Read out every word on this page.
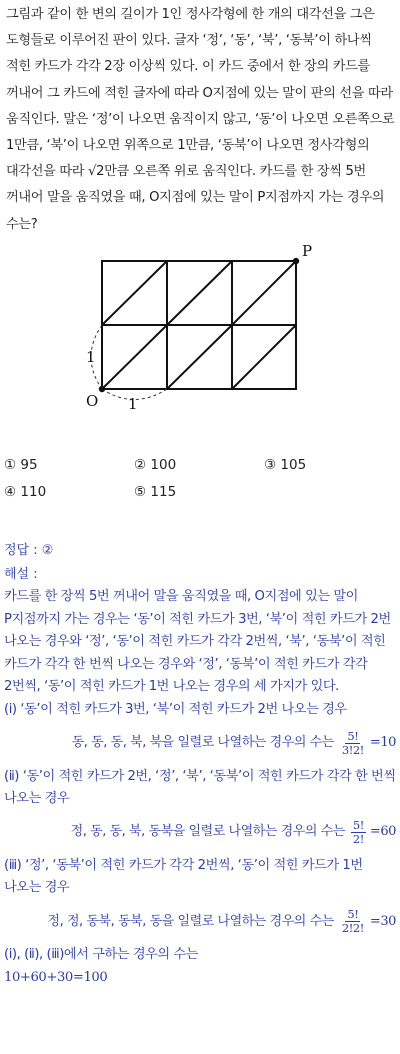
그림과 같이 한 변의 길이가 1인 정사각형에 한 개의 대각선을 그은 도형들로 이루어진 판이 있다. 글자 ‘정’, ‘동’, ‘북’, ‘동북’이 하나씩 적힌 카드가 각각 2장 이상씩 있다. 이 카드 중에서 한 장의 카드를 꺼내어 그 카드에 적힌 글자에 따라 O지점에 있는 말이 판의 선을 따라 움직인다. 말은 ‘정’이 나오면 움직이지 않고, ‘동’이 나오면 오른쪽으로 1만큼, ‘북’이 나오면 위쪽으로 1만큼, ‘동북’이 나오면 정사각형의 대각선을 따라 √2만큼 오른쪽 위로 움직인다. 카드를 한 장씩 5번 꺼내어 말을 움직였을 때, O지점에 있는 말이 P지점까지 가는 경우의 수는?
O
P
1
1
① 95	② 100	③ 105
④ 110	⑤ 115
정답 : ②
해설 :
카드를 한 장씩 5번 꺼내어 말을 움직였을 때, O지점에 있는 말이 P지점까지 가는 경우는 ‘동’이 적힌 카드가 3번, ‘북’이 적힌 카드가 2번 나오는 경우와 ‘정’, ‘동’이 적힌 카드가 각각 2번씩, ‘북’, ‘동북’이 적힌 카드가 각각 한 번씩 나오는 경우와 ‘정’, ‘동북’이 적힌 카드가 각각 2번씩, ‘동’이 적힌 카드가 1번 나오는 경우의 세 가지가 있다.
(ⅰ) ‘동’이 적힌 카드가 3번, ‘북’이 적힌 카드가 2번 나오는 경우
동, 동, 동, 북, 북을 일렬로 나열하는 경우의 수는 $\frac{5!}{3!2!} =10$
(ⅱ) ‘동’이 적힌 카드가 2번, ‘정’, ‘북’, ‘동북’이 적힌 카드가 각각 한 번씩 나오는 경우
정, 동, 동, 북, 동북을 일렬로 나열하는 경우의 수는 $\frac{5!}{2!} =60$
(ⅲ) ‘정’, ‘동북’이 적힌 카드가 각각 2번씩, ‘동’이 적힌 카드가 1번 나오는 경우
정, 정, 동북, 동북, 동을 일렬로 나열하는 경우의 수는 $\frac{5!}{2!2!} =30$
(ⅰ), (ⅱ), (ⅲ)에서 구하는 경우의 수는
10+60+30=100
